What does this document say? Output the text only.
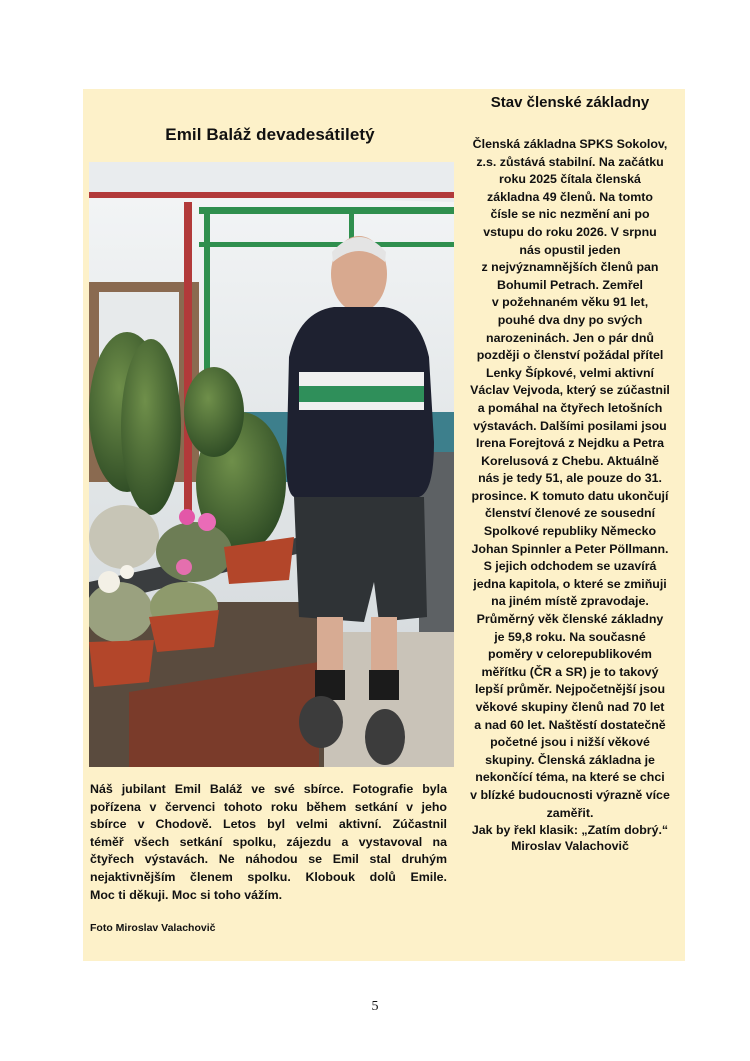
Emil Baláž devadesátiletý
Náš jubilant Emil Baláž ve své sbírce. Fotografie byla
pořízena v červenci tohoto roku během setkání v jeho
sbírce v Chodově. Letos byl velmi aktivní. Zúčastnil
téměř všech setkání spolku, zájezdu a vystavoval na
čtyřech výstavách. Ne náhodou se Emil stal druhým
nejaktivnějším členem spolku. Klobouk dolů Emile.
Moc ti děkuji. Moc si toho vážím.
Foto Miroslav Valachovič
Stav členské základny
Členská základna SPKS Sokolov,
z.s. zůstává stabilní. Na začátku
roku 2025 čítala členská
základna 49 členů. Na tomto
čísle se nic nezmění ani po
vstupu do roku 2026. V srpnu
nás opustil jeden
z nejvýznamnějších členů pan
Bohumil Petrach. Zemřel
v požehnaném věku 91 let,
pouhé dva dny po svých
narozeninách. Jen o pár dnů
později o členství požádal přítel
Lenky Šípkové, velmi aktivní
Václav Vejvoda, který se zúčastnil
a pomáhal na čtyřech letošních
výstavách. Dalšími posilami jsou
Irena Forejtová z Nejdku a Petra
Korelusová z Chebu. Aktuálně
nás je tedy 51, ale pouze do 31.
prosince. K tomuto datu ukončují
členství členové ze sousední
Spolkové republiky Německo
Johan Spinnler a Peter Pöllmann.
S jejich odchodem se uzavírá
jedna kapitola, o které se zmiňuji
na jiném místě zpravodaje.
Průměrný věk členské základny
je 59,8 roku. Na současné
poměry v celorepublikovém
měřítku (ČR a SR) je to takový
lepší průměr. Nejpočetnější jsou
věkové skupiny členů nad 70 let
a nad 60 let. Naštěstí dostatečně
početné jsou i nižší věkové
skupiny. Členská základna je
nekončící téma, na které se chci
v blízké budoucnosti výrazně více
zaměřit.
Jak by řekl klasik: „Zatím dobrý.“
Miroslav Valachovič
5
